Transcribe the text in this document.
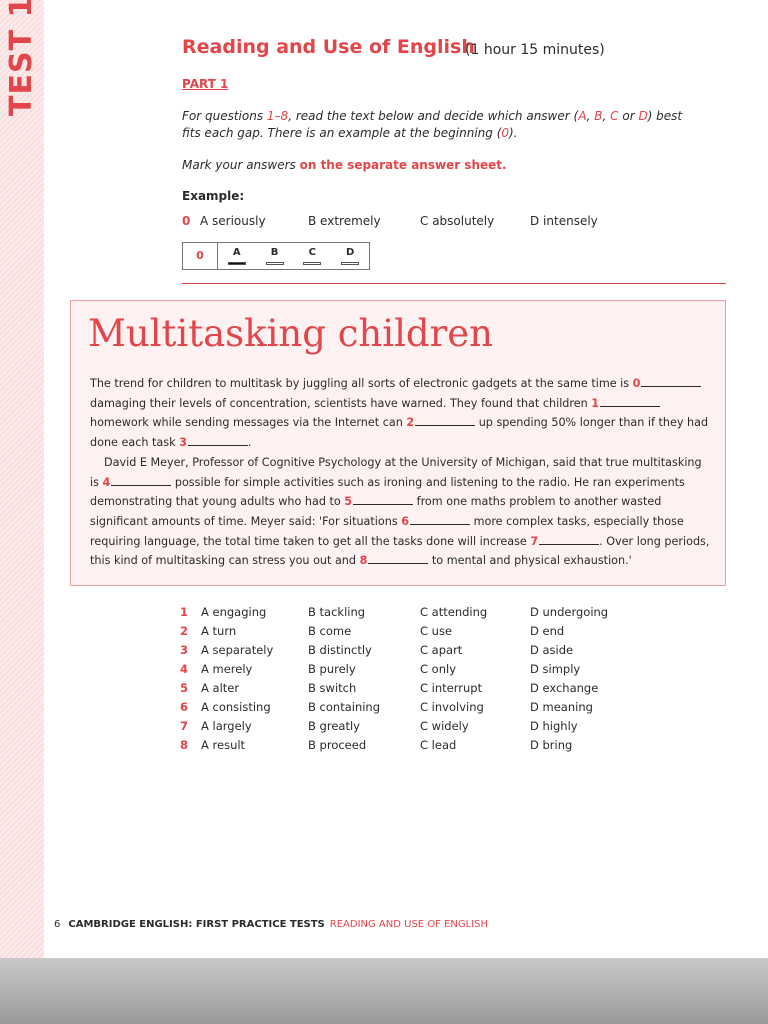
Reading and Use of English
(1 hour 15 minutes)
PART 1
For questions 1–8, read the text below and decide which answer (A, B, C or D) best fits each gap. There is an example at the beginning (0).
Mark your answers on the separate answer sheet.
Example:
0 A seriously	B extremely	C absolutely	D intensely
0	A	B	C	D
Multitasking children
The trend for children to multitask by juggling all sorts of electronic gadgets at the same time is 0 damaging their levels of concentration, scientists have warned. They found that children 1 homework while sending messages via the Internet can 2	up spending 50% longer than if they had done each task 3	.
David E Meyer, Professor of Cognitive Psychology at the University of Michigan, said that true multitasking is 4	possible for simple activities such as ironing and listening to the radio. He ran experiments demonstrating that young adults who had to 5	from one maths problem to another wasted significant amounts of time. Meyer said: 'For situations 6	more complex tasks, especially those requiring language, the total time taken to get all the tasks done will increase 7	. Over long periods, this kind of multitasking can stress you out and 8	to mental and physical exhaustion.'
1 A engaging	B tackling	C attending	D undergoing
2 A turn	B come	C use	D end
3 A separately	B distinctly	C apart	D aside
4 A merely	B purely	C only	D simply
5 A alter	B switch	C interrupt	D exchange
6 A consisting	B containing	C involving	D meaning
7 A largely	B greatly	C widely	D highly
8 A result	B proceed	C lead	D bring
6 CAMBRIDGE ENGLISH: FIRST PRACTICE TESTS READING AND USE OF ENGLISH
